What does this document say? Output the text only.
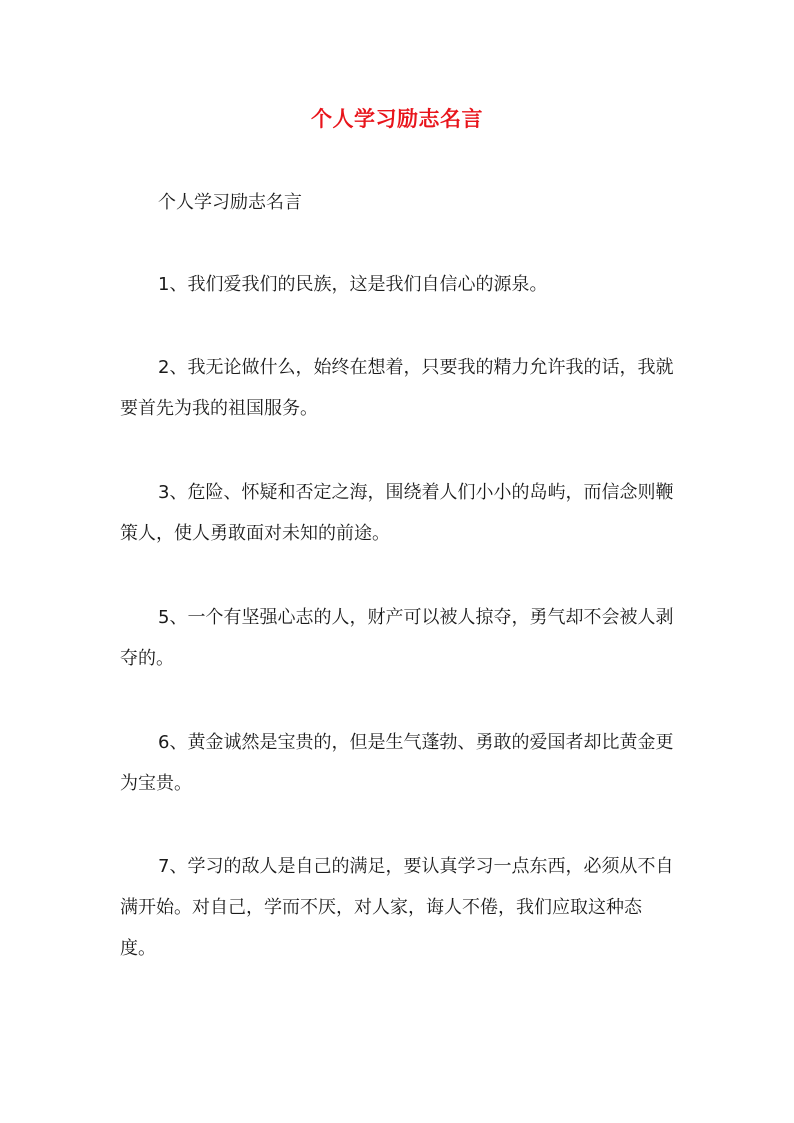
个人学习励志名言

个人学习励志名言

1、我们爱我们的民族，这是我们自信心的源泉。

2、我无论做什么，始终在想着，只要我的精力允许我的话，我就要首先为我的祖国服务。

3、危险、怀疑和否定之海，围绕着人们小小的岛屿，而信念则鞭策人，使人勇敢面对未知的前途。

5、一个有坚强心志的人，财产可以被人掠夺，勇气却不会被人剥夺的。

6、黄金诚然是宝贵的，但是生气蓬勃、勇敢的爱国者却比黄金更为宝贵。

7、学习的敌人是自己的满足，要认真学习一点东西，必须从不自满开始。对自己，学而不厌，对人家，诲人不倦，我们应取这种态度。
